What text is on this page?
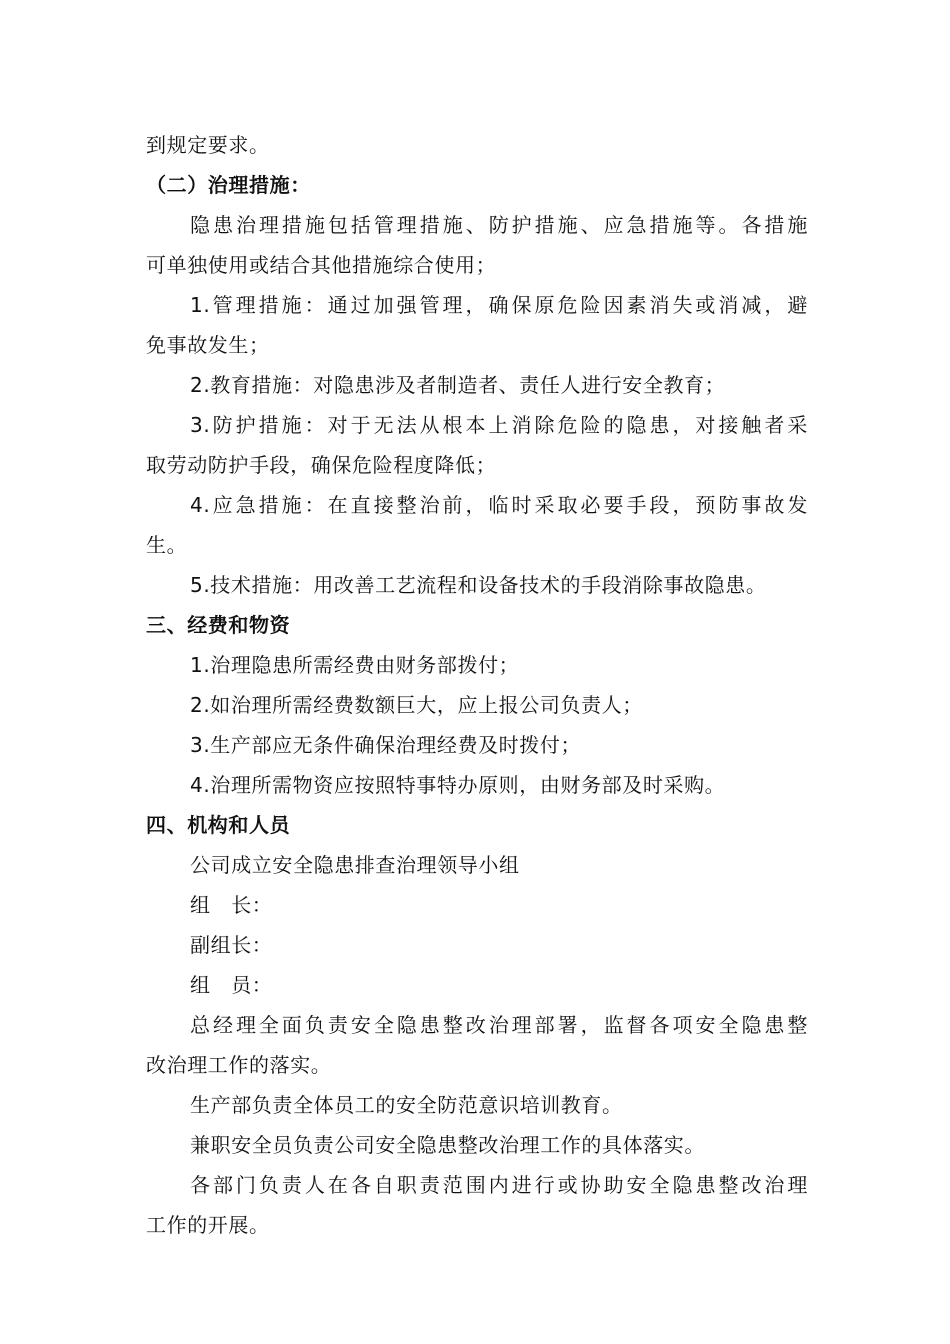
到规定要求。
（二）治理措施：
隐患治理措施包括管理措施、防护措施、应急措施等。各措施
可单独使用或结合其他措施综合使用；
1.管理措施：通过加强管理，确保原危险因素消失或消减，避
免事故发生；
2.教育措施：对隐患涉及者制造者、责任人进行安全教育；
3.防护措施：对于无法从根本上消除危险的隐患，对接触者采
取劳动防护手段，确保危险程度降低；
4.应急措施：在直接整治前，临时采取必要手段，预防事故发
生。
5.技术措施：用改善工艺流程和设备技术的手段消除事故隐患。
三、经费和物资
1.治理隐患所需经费由财务部拨付；
2.如治理所需经费数额巨大，应上报公司负责人；
3.生产部应无条件确保治理经费及时拨付；
4.治理所需物资应按照特事特办原则，由财务部及时采购。
四、机构和人员
公司成立安全隐患排查治理领导小组
组　长：
副组长：
组　员：
总经理全面负责安全隐患整改治理部署，监督各项安全隐患整
改治理工作的落实。
生产部负责全体员工的安全防范意识培训教育。
兼职安全员负责公司安全隐患整改治理工作的具体落实。
各部门负责人在各自职责范围内进行或协助安全隐患整改治理
工作的开展。
